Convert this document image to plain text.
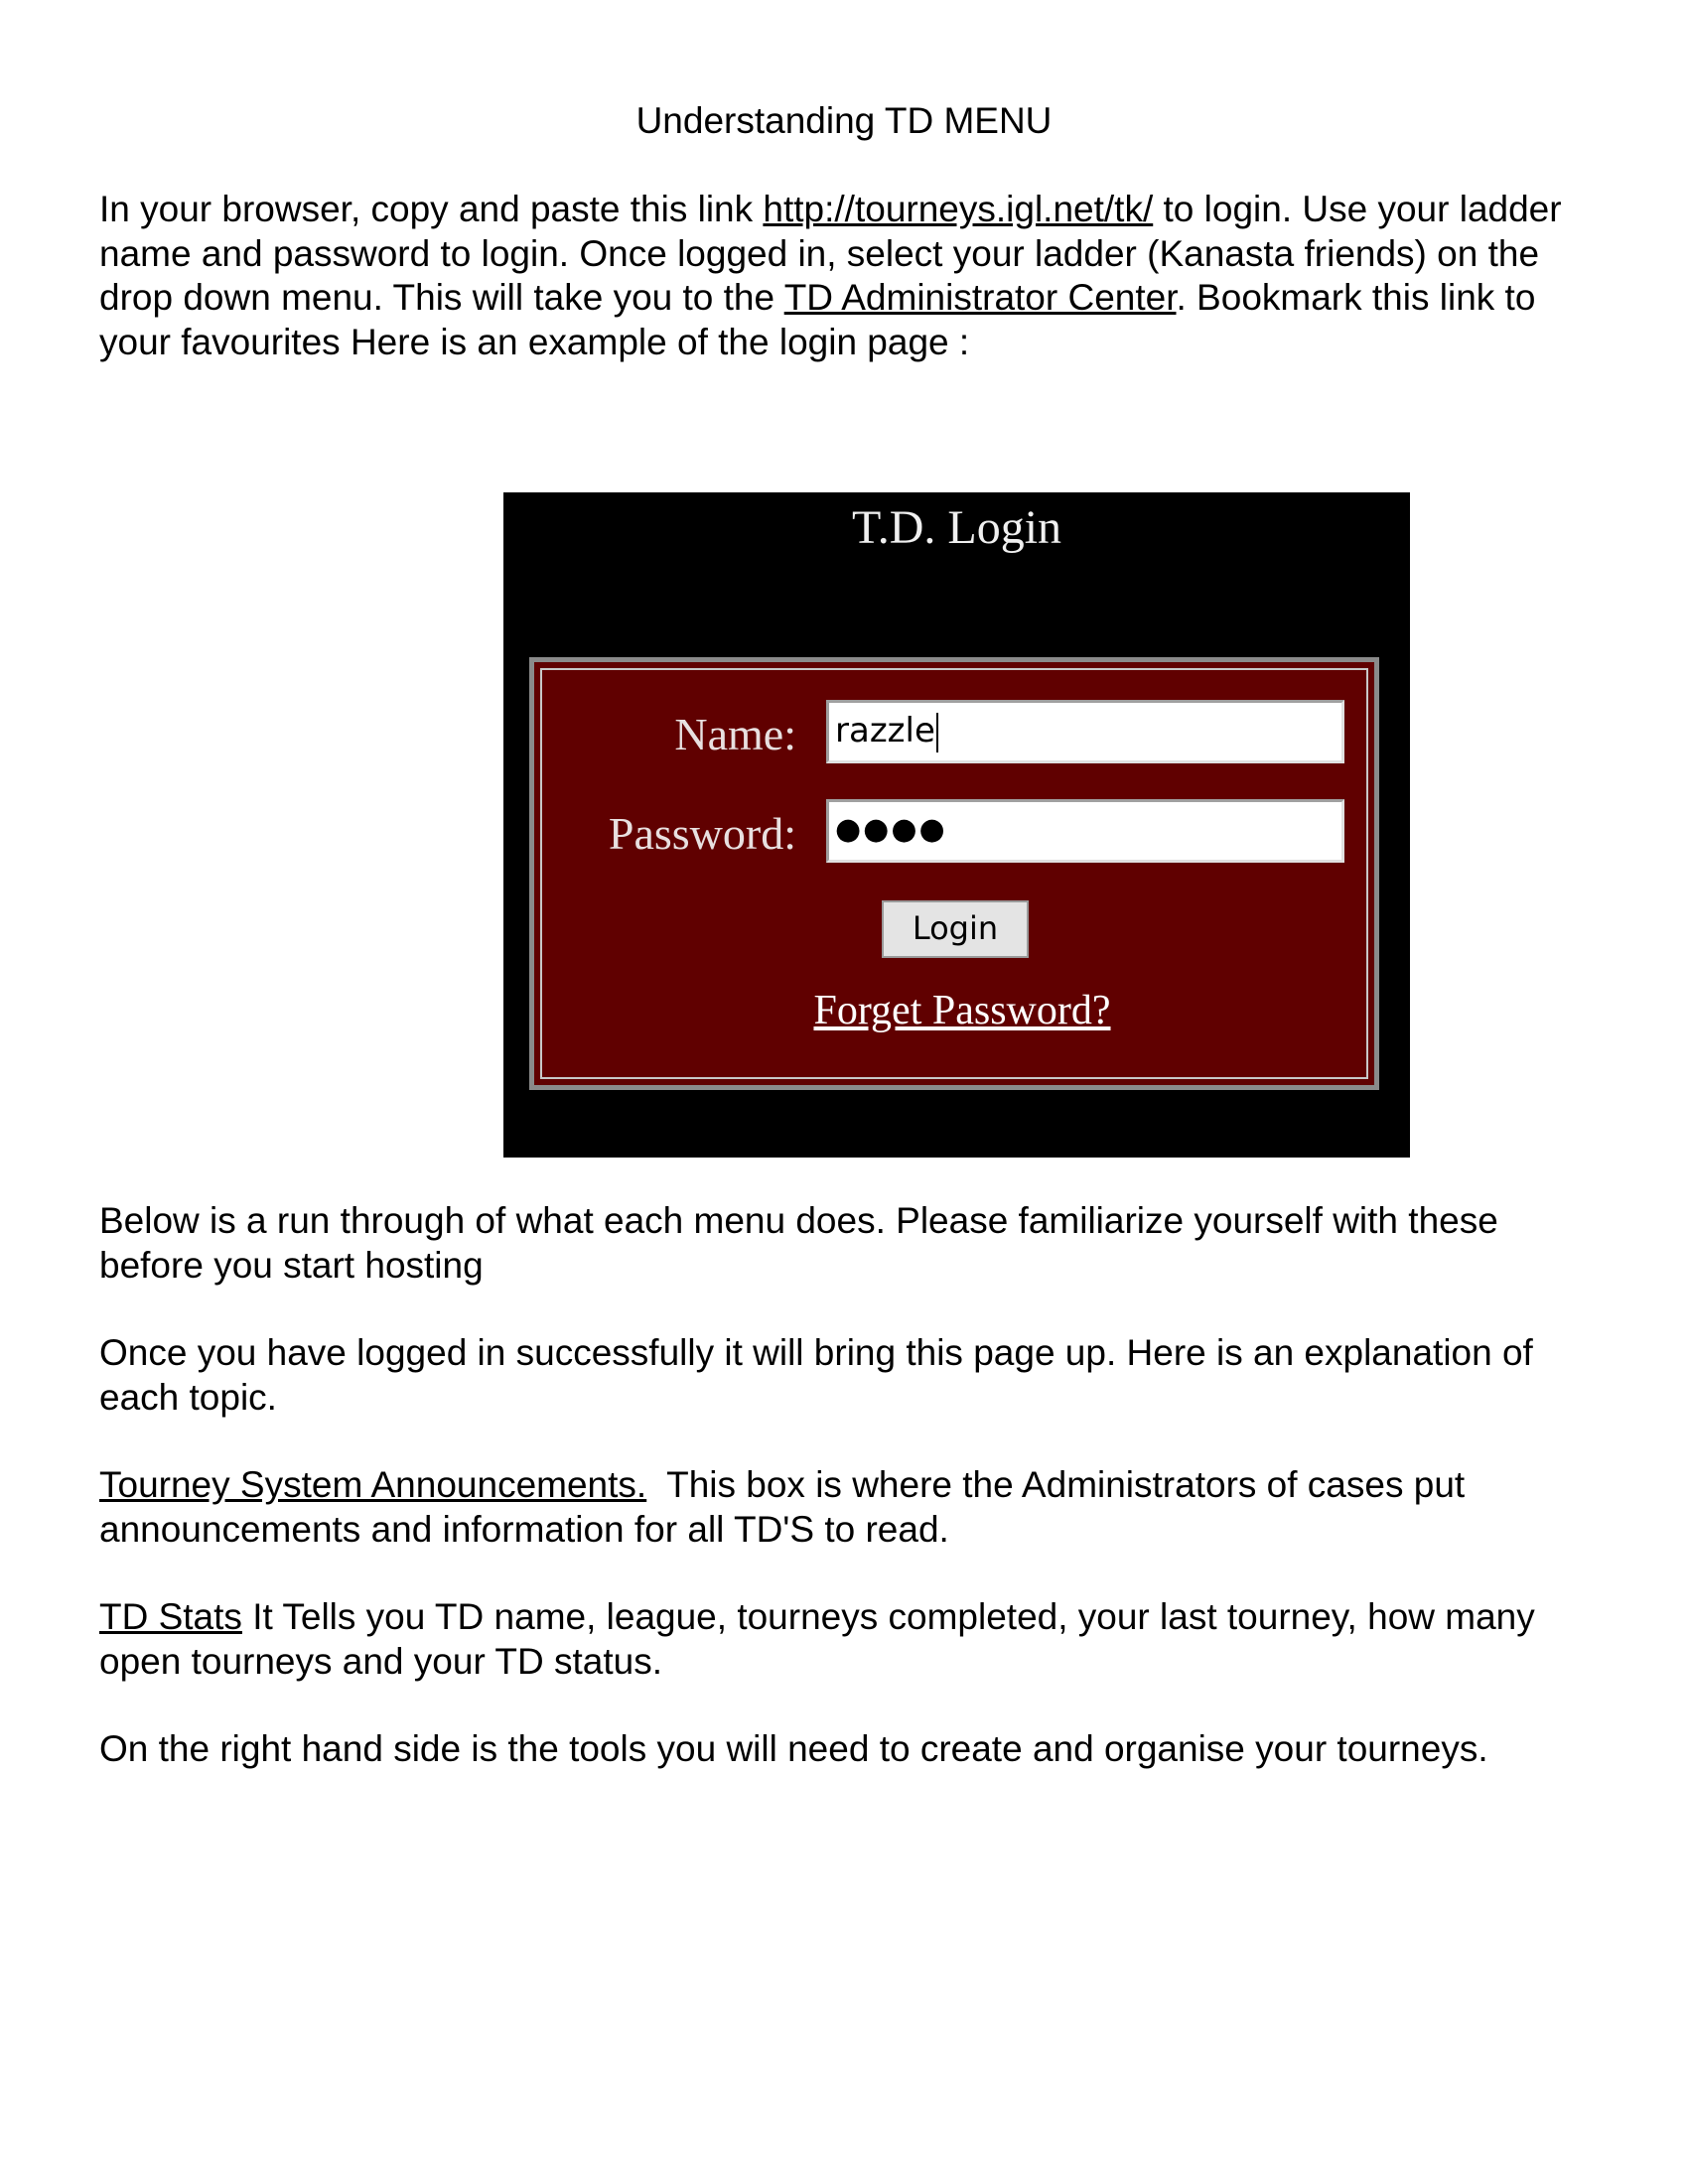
Understanding TD MENU

In your browser, copy and paste this link http://tourneys.igl.net/tk/ to login. Use your ladder name and password to login. Once logged in, select your ladder (Kanasta friends) on the drop down menu. This will take you to the TD Administrator Center. Bookmark this link to your favourites Here is an example of the login page :

T.D. Login
Name: razzle
Password:	●●●●
Login
Forget Password?

Below is a run through of what each menu does. Please familiarize yourself with these before you start hosting

Once you have logged in successfully it will bring this page up. Here is an explanation of each topic.

Tourney System Announcements.  This box is where the Administrators of cases put announcements and information for all TD'S to read.

TD Stats It Tells you TD name, league, tourneys completed, your last tourney, how many open tourneys and your TD status.

On the right hand side is the tools you will need to create and organise your tourneys.
